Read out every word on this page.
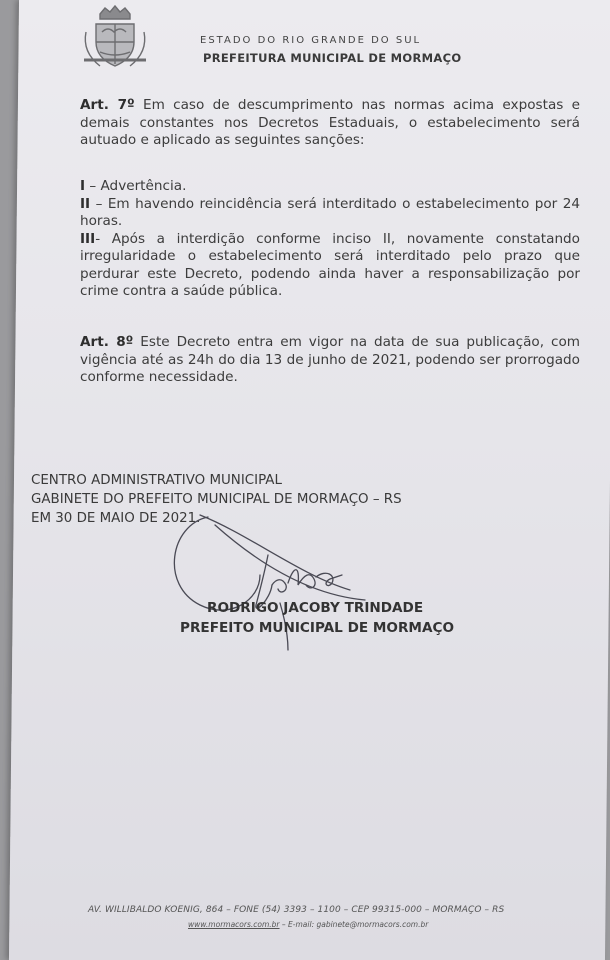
ESTADO DO RIO GRANDE DO SUL
PREFEITURA MUNICIPAL DE MORMAÇO
Art. 7º Em caso de descumprimento nas normas acima expostas e demais constantes nos Decretos Estaduais, o estabelecimento será autuado e aplicado as seguintes sanções:

I – Advertência.

II – Em havendo reincidência será interditado o estabelecimento por 24 horas.

III- Após a interdição conforme inciso II, novamente constatando irregularidade o estabelecimento será interditado pelo prazo que perdurar este Decreto, podendo ainda haver a responsabilização por crime contra a saúde pública.

Art. 8º Este Decreto entra em vigor na data de sua publicação, com vigência até as 24h do dia 13 de junho de 2021, podendo ser prorrogado conforme necessidade.
CENTRO ADMINISTRATIVO MUNICIPAL
GABINETE DO PREFEITO MUNICIPAL DE MORMAÇO – RS
EM 30 DE MAIO DE 2021.
RODRIGO JACOBY TRINDADE
PREFEITO MUNICIPAL DE MORMAÇO
AV. WILLIBALDO KOENIG, 864 – FONE (54) 3393 – 1100 – CEP 99315-000 – MORMAÇO – RS
www.mormacors.com.br – E-mail: gabinete@mormacors.com.br
